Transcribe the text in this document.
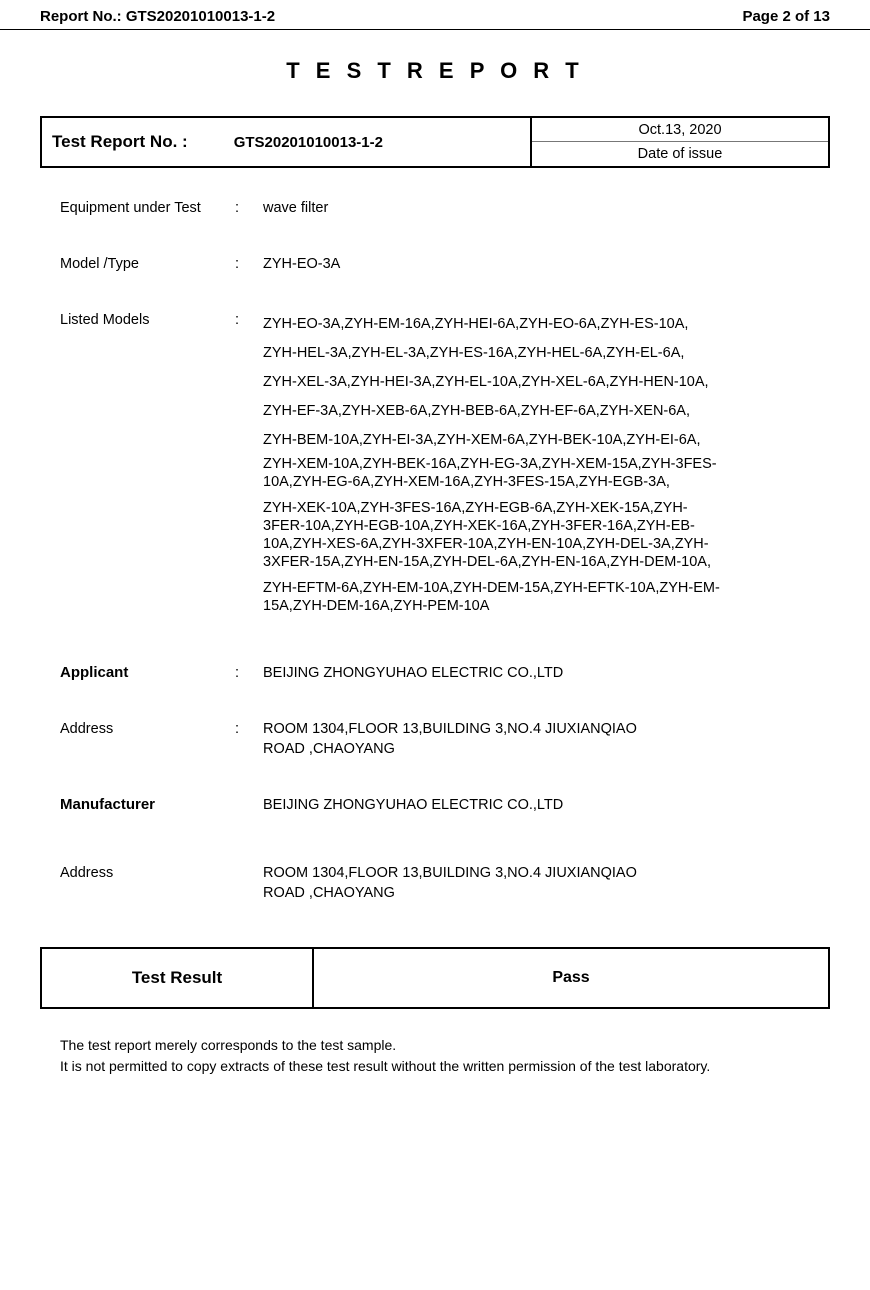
Report No.: GTS20201010013-1-2	Page 2 of 13
T E S T R E P O R T
Test Report No. :	GTS20201010013-1-2
Oct.13, 2020
Date of issue
Equipment under Test	:	wave filter
Model /Type	:	ZYH-EO-3A
Listed Models	:	ZYH-EO-3A,ZYH-EM-16A,ZYH-HEI-6A,ZYH-EO-6A,ZYH-ES-10A,
ZYH-HEL-3A,ZYH-EL-3A,ZYH-ES-16A,ZYH-HEL-6A,ZYH-EL-6A,
ZYH-XEL-3A,ZYH-HEI-3A,ZYH-EL-10A,ZYH-XEL-6A,ZYH-HEN-10A,
ZYH-EF-3A,ZYH-XEB-6A,ZYH-BEB-6A,ZYH-EF-6A,ZYH-XEN-6A,
ZYH-BEM-10A,ZYH-EI-3A,ZYH-XEM-6A,ZYH-BEK-10A,ZYH-EI-6A,
ZYH-XEM-10A,ZYH-BEK-16A,ZYH-EG-3A,ZYH-XEM-15A,ZYH-3FES-
10A,ZYH-EG-6A,ZYH-XEM-16A,ZYH-3FES-15A,ZYH-EGB-3A,
ZYH-XEK-10A,ZYH-3FES-16A,ZYH-EGB-6A,ZYH-XEK-15A,ZYH-
3FER-10A,ZYH-EGB-10A,ZYH-XEK-16A,ZYH-3FER-16A,ZYH-EB-
10A,ZYH-XES-6A,ZYH-3XFER-10A,ZYH-EN-10A,ZYH-DEL-3A,ZYH-
3XFER-15A,ZYH-EN-15A,ZYH-DEL-6A,ZYH-EN-16A,ZYH-DEM-10A,
ZYH-EFTM-6A,ZYH-EM-10A,ZYH-DEM-15A,ZYH-EFTK-10A,ZYH-EM-
15A,ZYH-DEM-16A,ZYH-PEM-10A
Applicant	:	BEIJING ZHONGYUHAO ELECTRIC CO.,LTD
Address	:	ROOM 1304,FLOOR 13,BUILDING 3,NO.4 JIUXIANQIAO
ROAD ,CHAOYANG
Manufacturer	BEIJING ZHONGYUHAO ELECTRIC CO.,LTD
Address	ROOM 1304,FLOOR 13,BUILDING 3,NO.4 JIUXIANQIAO
ROAD ,CHAOYANG
Test Result	Pass

The test report merely corresponds to the test sample.

It is not permitted to copy extracts of these test result without the written permission of the test laboratory.
